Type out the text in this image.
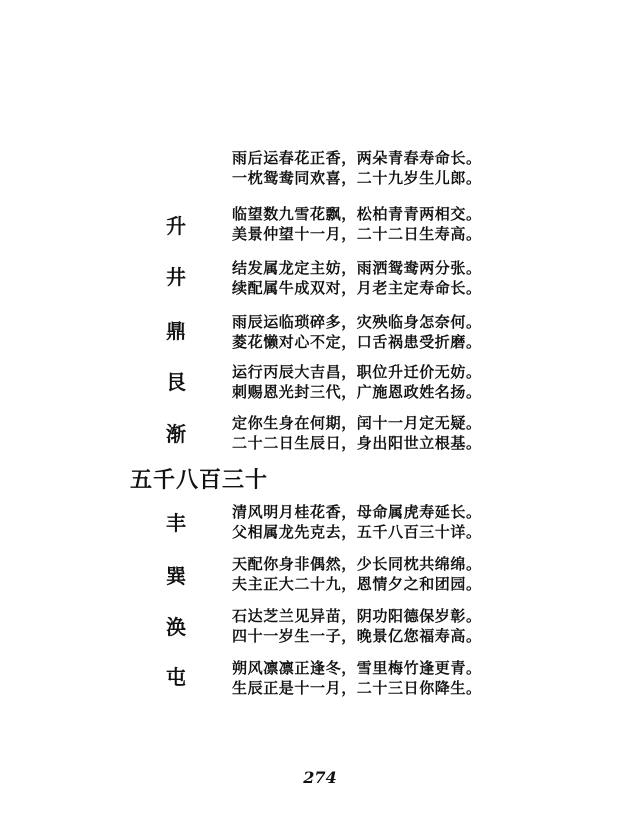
雨后运春花正香，两朵青春寿命长。
一枕鸳鸯同欢喜，二十九岁生儿郎。
临望数九雪花飘，松柏青青两相交。
美景仲望十一月，二十二日生寿高。
结发属龙定主妨，雨洒鸳鸯两分张。
续配属牛成双对，月老主定寿命长。
雨辰运临琐碎多，灾殃临身怎奈何。
菱花懒对心不定，口舌祸患受折磨。
运行丙辰大吉昌，职位升迁价无妨。
刺赐恩光封三代，广施恩政姓名扬。
定你生身在何期，闰十一月定无疑。
二十二日生辰日，身出阳世立根基。
升
井
鼎
艮
渐
五千八百三十
清风明月桂花香，母命属虎寿延长。
父相属龙先克去，五千八百三十详。
天配你身非偶然，少长同枕共绵绵。
夫主正大二十九，恩情夕之和团园。
石达芝兰见异苗，阴功阳德保岁彰。
四十一岁生一子，晚景亿您福寿高。
朔风凛凛正逢冬，雪里梅竹逢更青。
生辰正是十一月，二十三日你降生。
丰
巽
涣
屯
274
